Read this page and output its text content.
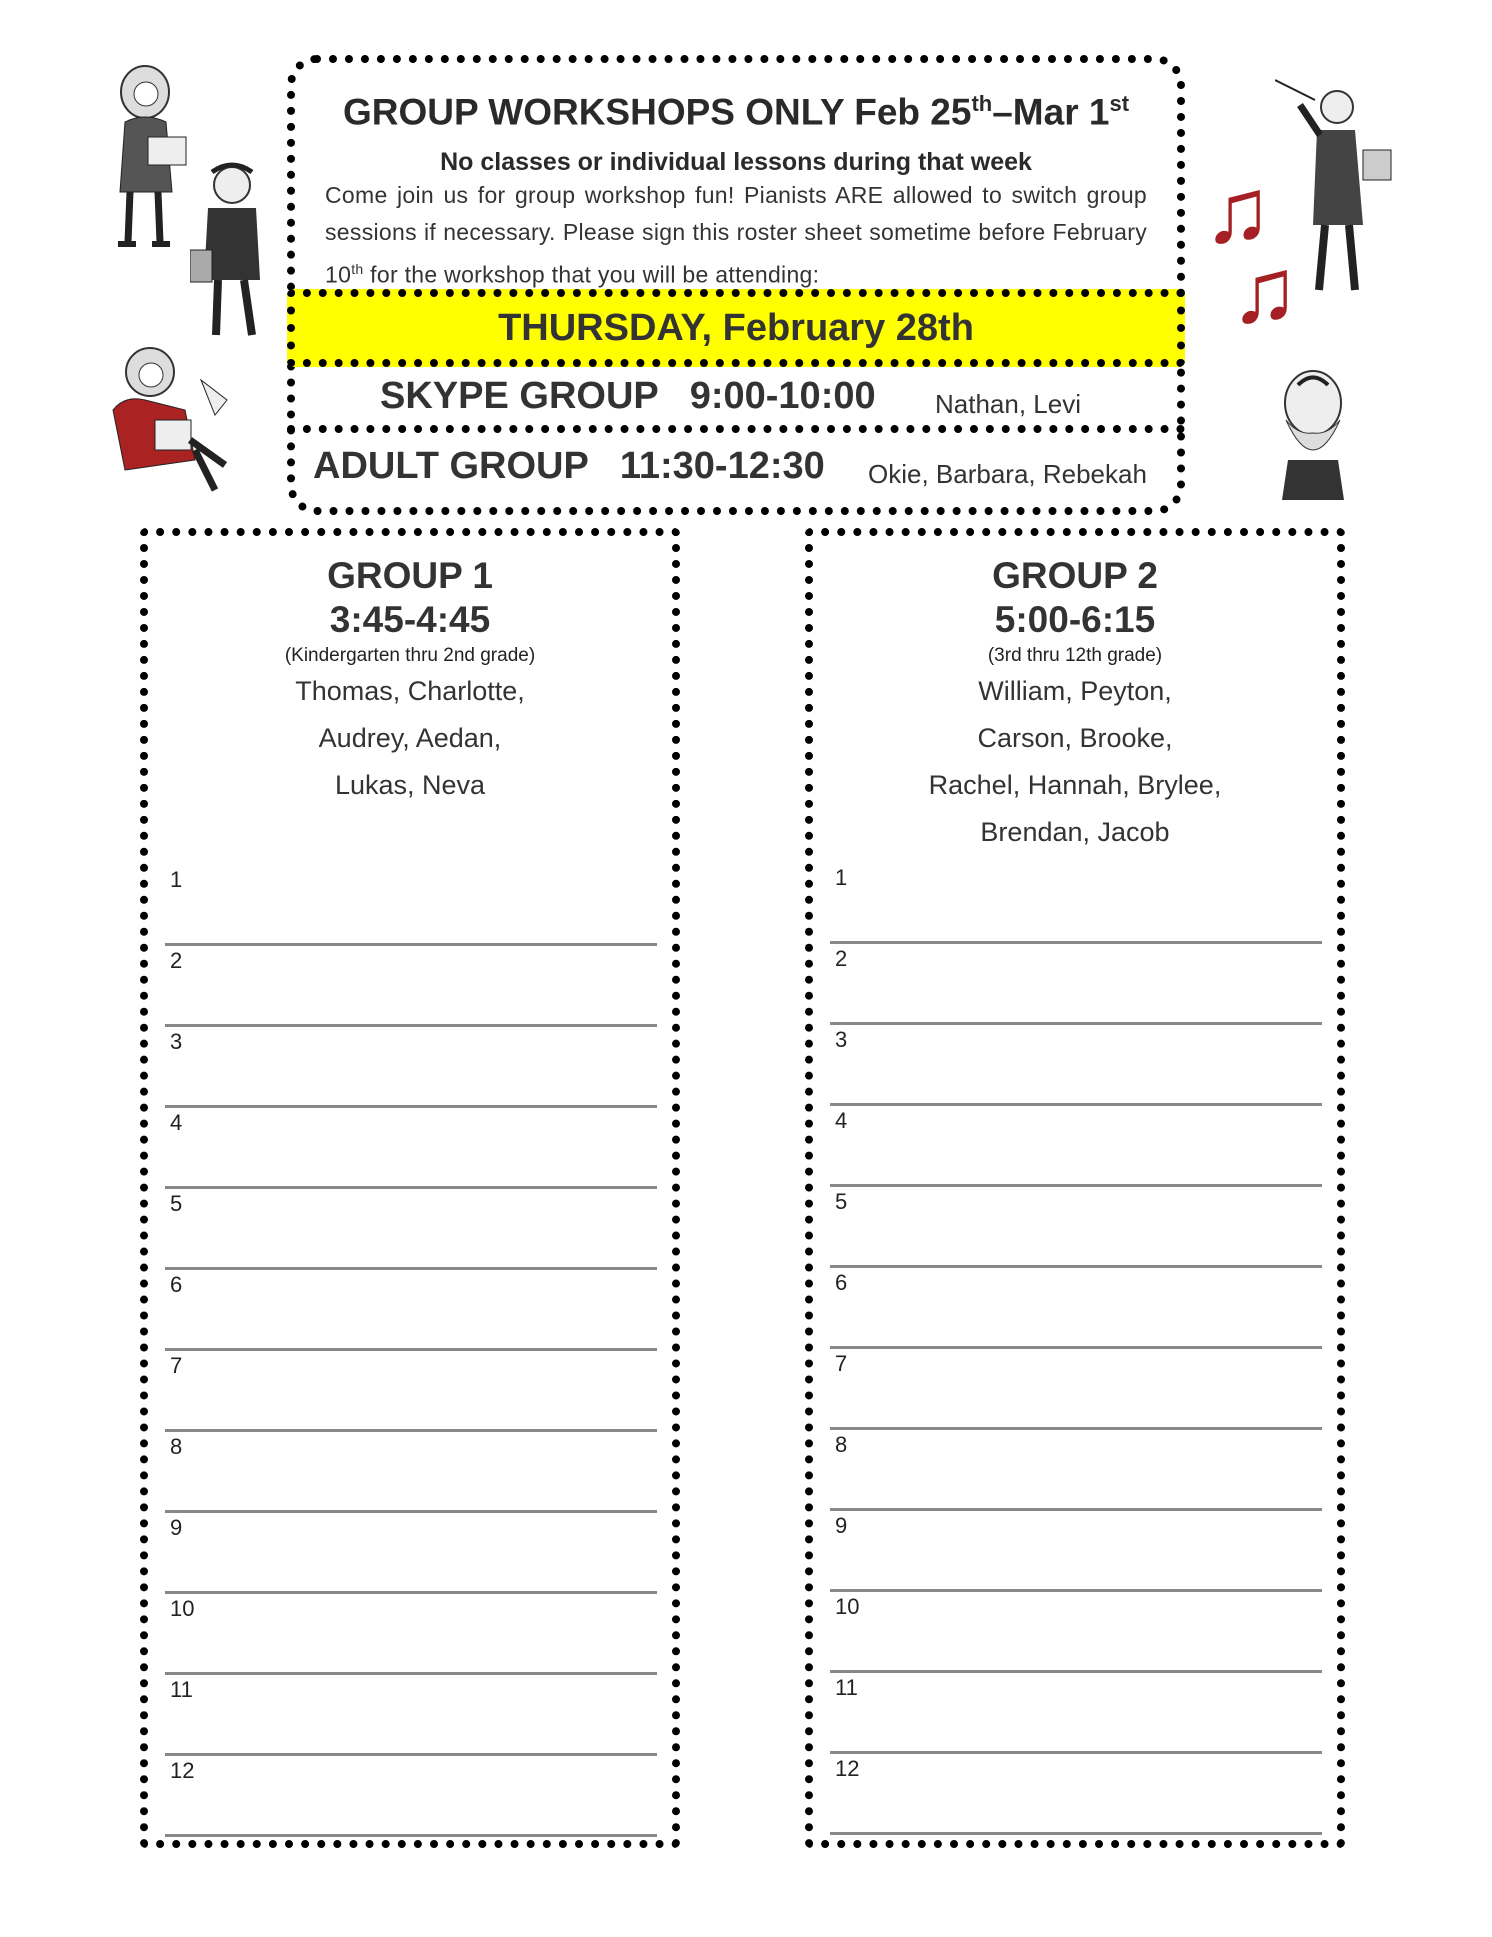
♫
♫
GROUP WORKSHOPS ONLY Feb 25th–Mar 1st
No classes or individual lessons during that week
Come join us for group workshop fun! Pianists ARE allowed to switch group sessions if necessary. Please sign this roster sheet sometime before February 10th for the workshop that you will be attending:
THURSDAY, February 28th
SKYPE GROUP   9:00-10:00 Nathan, Levi
ADULT GROUP   11:30-12:30 Okie, Barbara, Rebekah
GROUP 1
3:45-4:45
(Kindergarten thru 2nd grade)
Thomas, Charlotte,
Audrey, Aedan,
Lukas, Neva
1
2
3
4
5
6
7
8
9
10
11
12
GROUP 2
5:00-6:15
(3rd thru 12th grade)
William, Peyton,
Carson, Brooke,
Rachel, Hannah, Brylee,
Brendan, Jacob
1
2
3
4
5
6
7
8
9
10
11
12
